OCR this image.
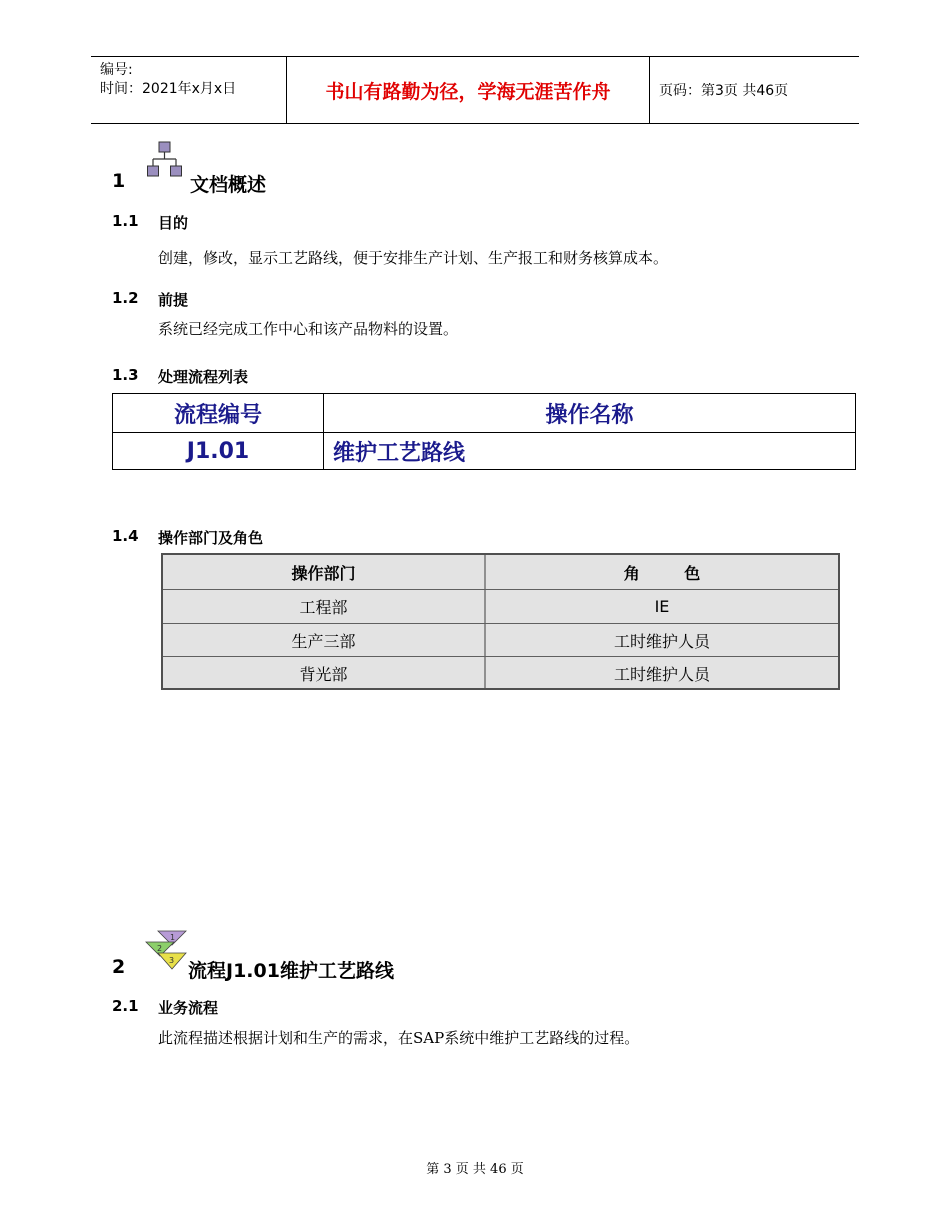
编号:
时间：2021年x月x日	书山有路勤为径，学海无涯苦作舟	页码：第3页 共46页
1	文档概述
1.1 目的
创建，修改，显示工艺路线，便于安排生产计划、生产报工和财务核算成本。
1.2 前提
系统已经完成工作中心和该产品物料的设置。
1.3 处理流程列表
流程编号	操作名称
J1.01	维护工艺路线
1.4 操作部门及角色
操作部门	角        色
工程部	IE
生产三部	工时维护人员
背光部	工时维护人员
2
1
2
3 流程J1.01维护工艺路线
2.1 业务流程
此流程描述根据计划和生产的需求，在SAP系统中维护工艺路线的过程。
第 3 页 共 46 页
